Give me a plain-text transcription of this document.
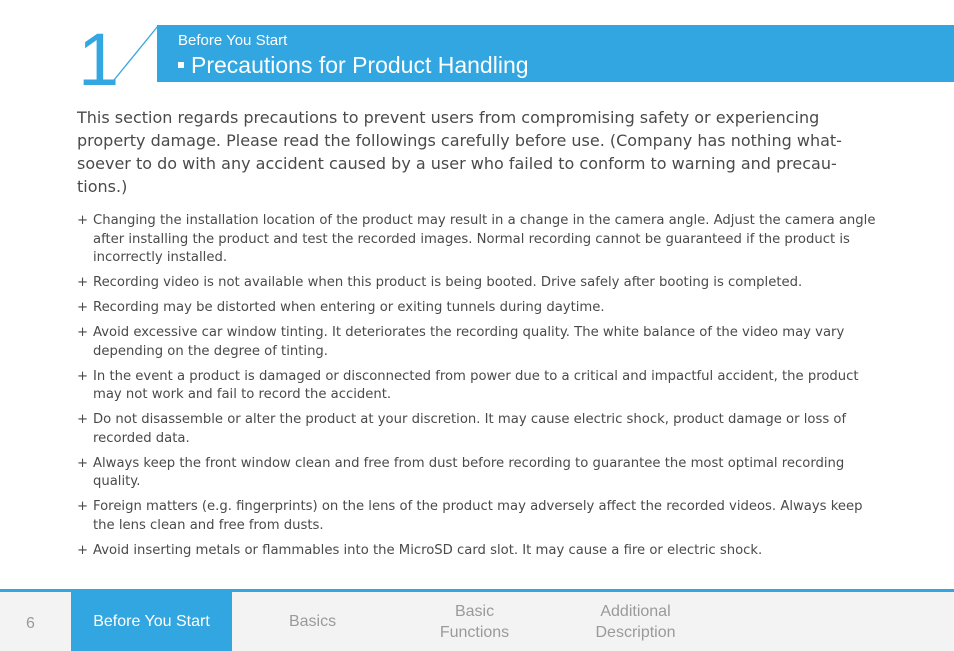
1	Before You Start
Precautions for Product Handling

This section regards precautions to prevent users from compromising safety or experiencing property damage. Please read the followings carefully before use. (Company has nothing what-soever to do with any accident caused by a user who failed to conform to warning and precau-tions.)

+ Changing the installation location of the product may result in a change in the camera angle. Adjust the camera angle after installing the product and test the recorded images. Normal recording cannot be guaranteed if the product is incorrectly installed.
+ Recording video is not available when this product is being booted. Drive safely after booting is completed.
+ Recording may be distorted when entering or exiting tunnels during daytime.
+ Avoid excessive car window tinting. It deteriorates the recording quality. The white balance of the video may vary depending on the degree of tinting.
+ In the event a product is damaged or disconnected from power due to a critical and impactful accident, the product may not work and fail to record the accident.
+ Do not disassemble or alter the product at your discretion. It may cause electric shock, product damage or loss of recorded data.
+ Always keep the front window clean and free from dust before recording to guarantee the most optimal recording quality.
+ Foreign matters (e.g. fingerprints) on the lens of the product may adversely affect the recorded videos. Always keep the lens clean and free from dusts.
+ Avoid inserting metals or flammables into the MicroSD card slot. It may cause a fire or electric shock.
6	Before You Start	Basics
Basic
Functions
Additional
Description
